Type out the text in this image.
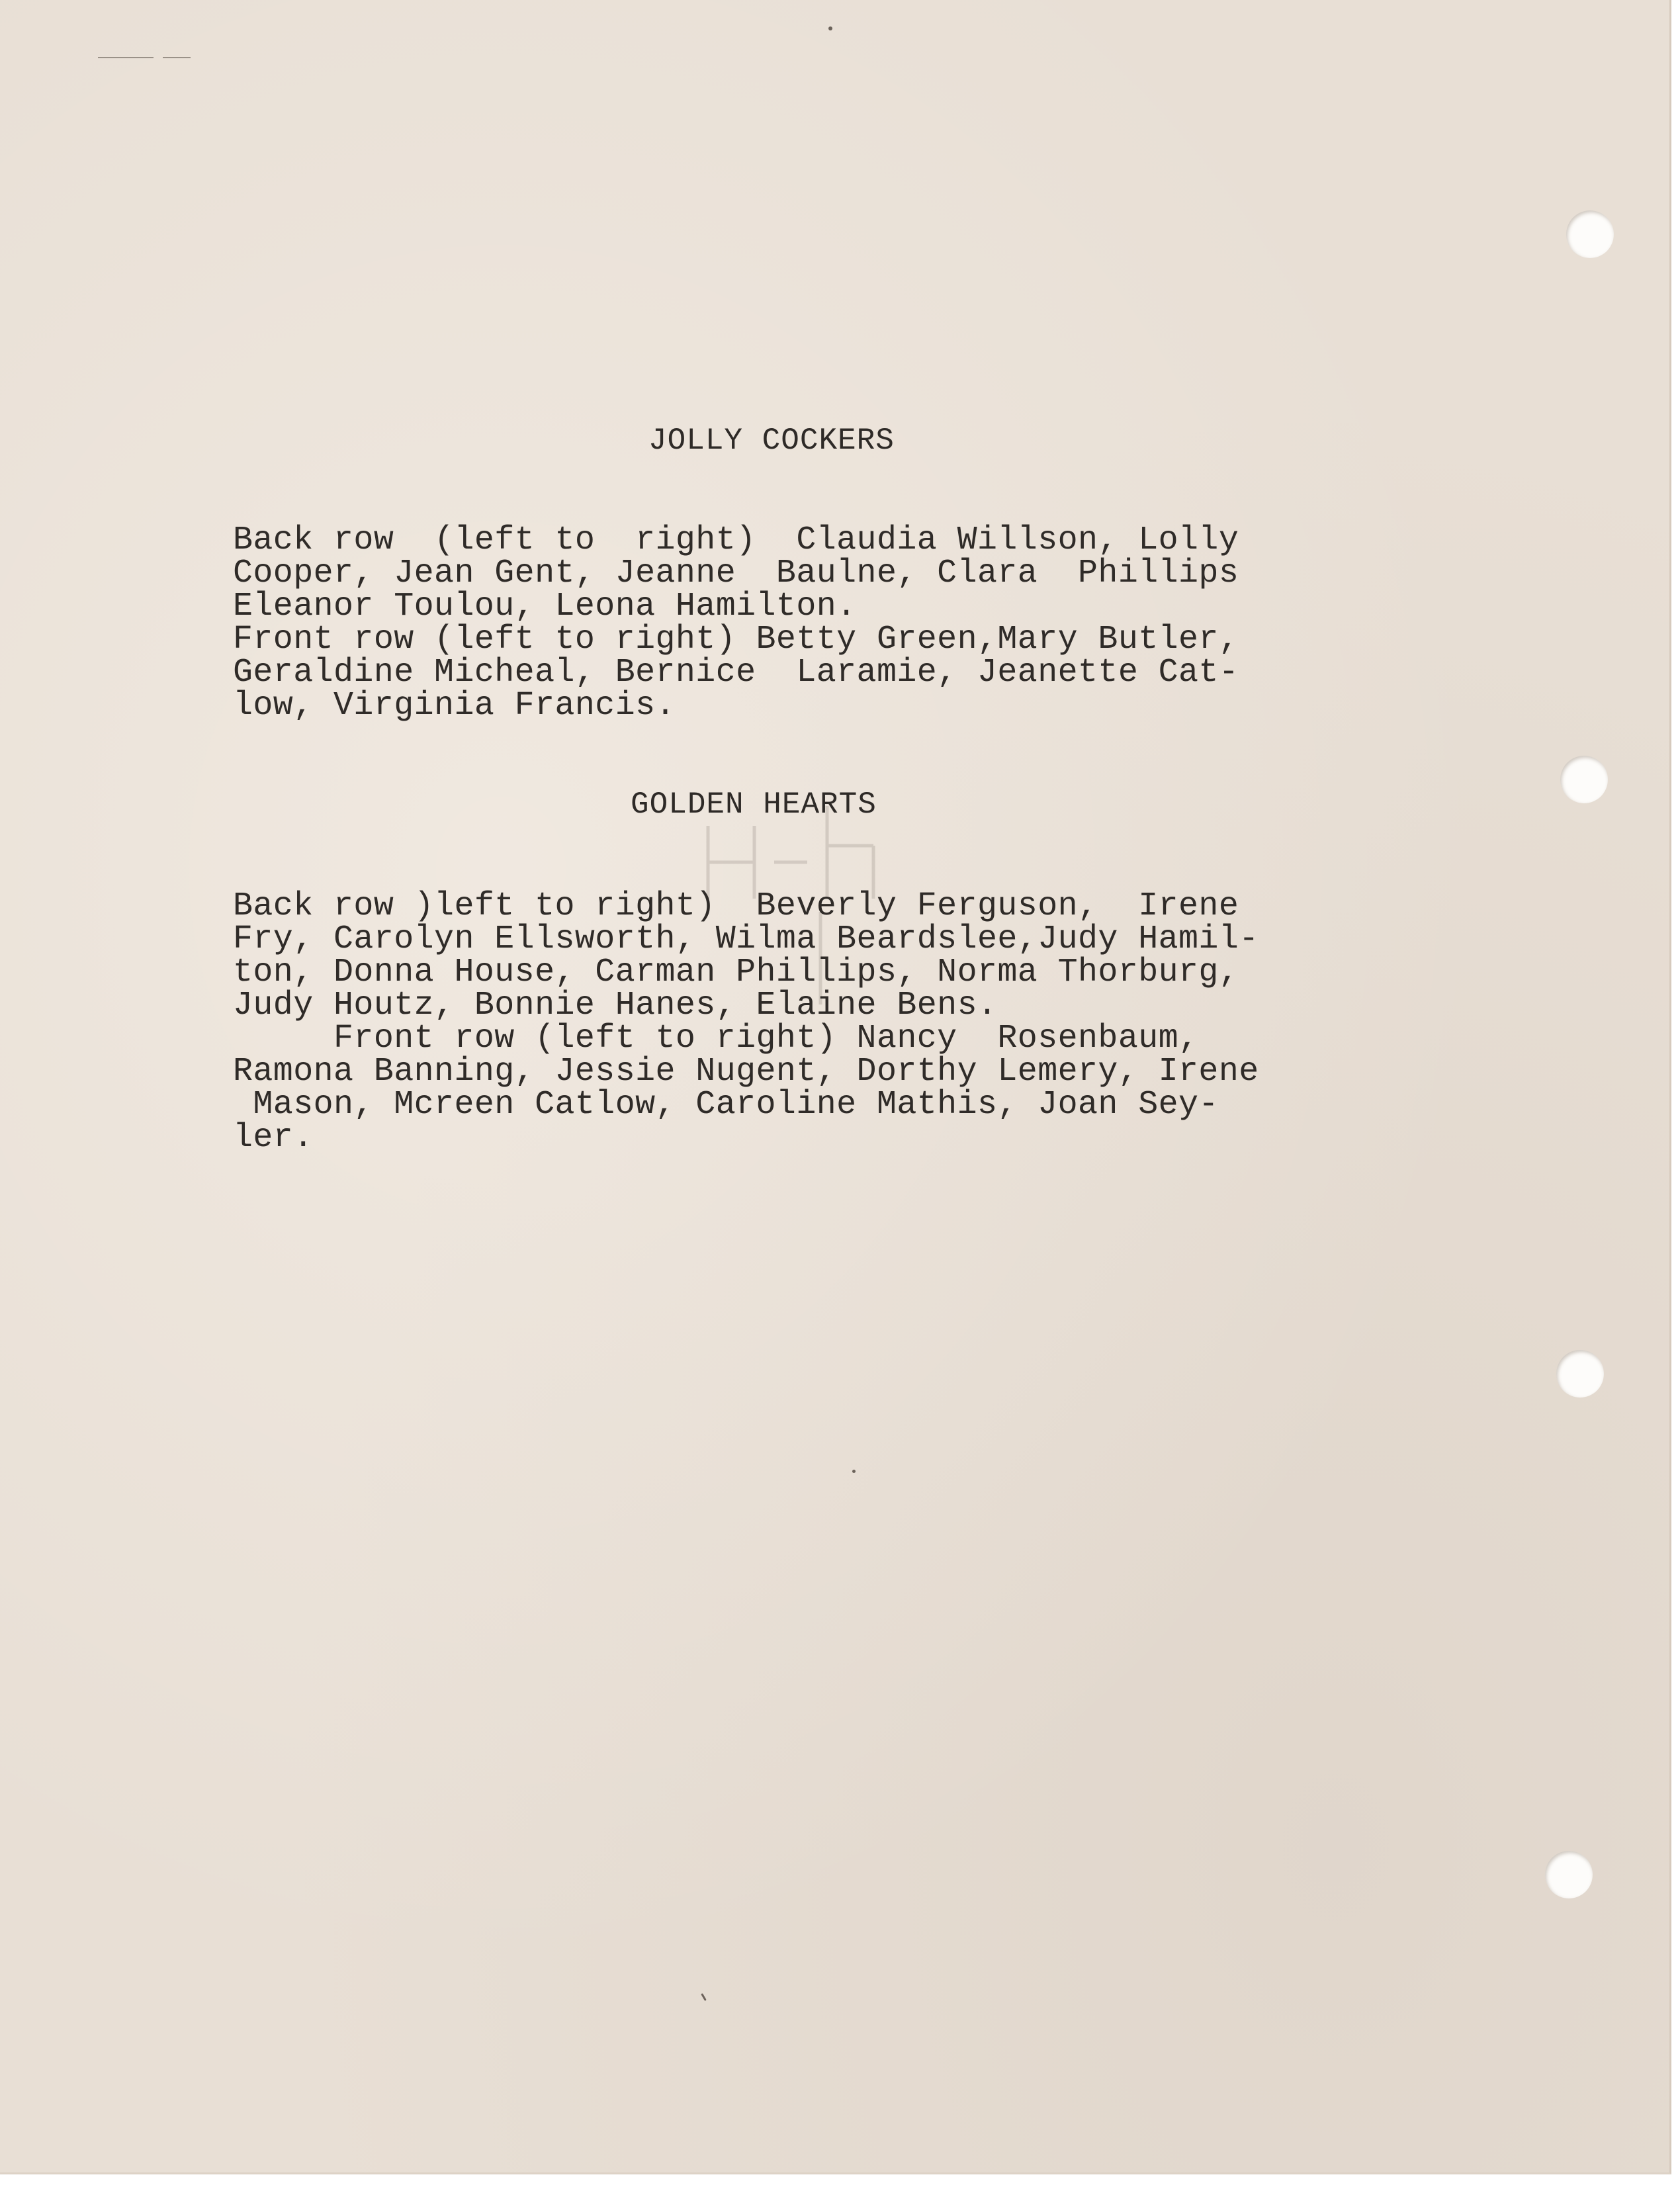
JOLLY COCKERS
Back row  (left to  right)  Claudia Willson, Lolly
Cooper, Jean Gent, Jeanne  Baulne, Clara  Phillips
Eleanor Toulou, Leona Hamilton.
Front row (left to right) Betty Green,Mary Butler,
Geraldine Micheal, Bernice  Laramie, Jeanette Cat-
low, Virginia Francis.
GOLDEN HEARTS
Back row )left to right)  Beverly Ferguson,  Irene
Fry, Carolyn Ellsworth, Wilma Beardslee,Judy Hamil-
ton, Donna House, Carman Phillips, Norma Thorburg,
Judy Houtz, Bonnie Hanes, Elaine Bens.
Front row (left to right) Nancy  Rosenbaum,
Ramona Banning, Jessie Nugent, Dorthy Lemery, Irene
Mason, Mcreen Catlow, Caroline Mathis, Joan Sey-
ler.
